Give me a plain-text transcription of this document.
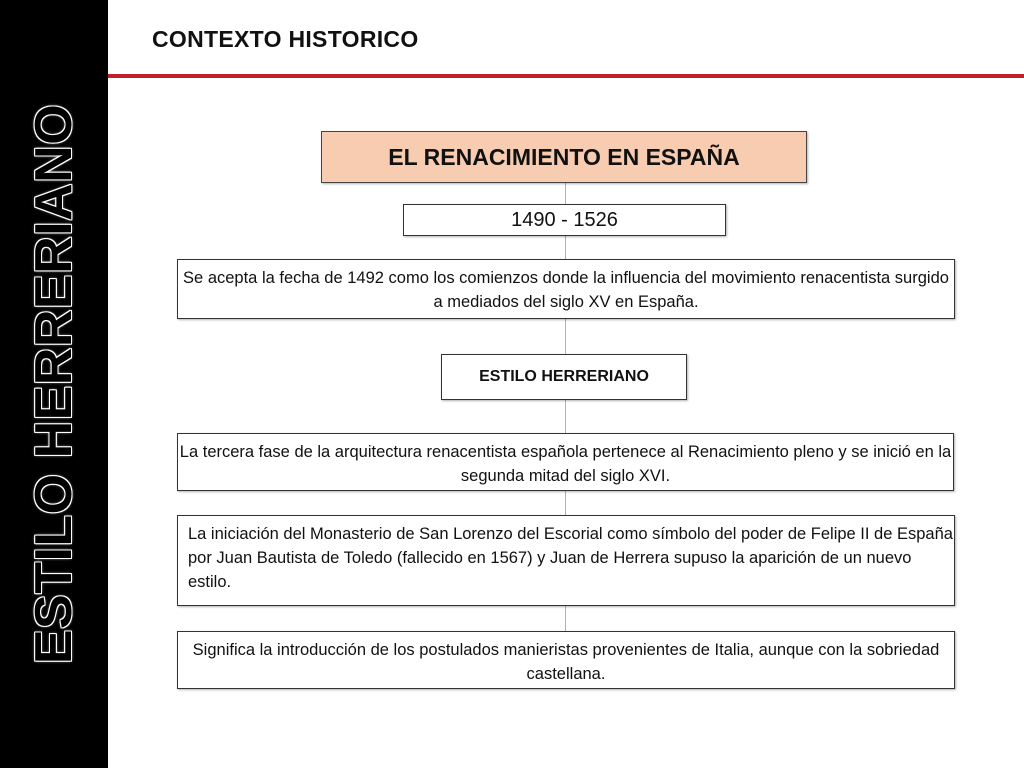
ESTILO HERRERIANO
CONTEXTO HISTORICO
EL RENACIMIENTO EN ESPAÑA
1490 - 1526
Se acepta la fecha de 1492 como los comienzos donde la influencia del movimiento renacentista surgido a mediados del siglo XV en España.
ESTILO HERRERIANO
La tercera fase de la arquitectura renacentista española pertenece al Renacimiento pleno y se inició en la segunda mitad del siglo XVI.
La iniciación del Monasterio de San Lorenzo del Escorial como símbolo del poder de Felipe II de España por Juan Bautista de Toledo (fallecido en 1567) y Juan de Herrera supuso la aparición de un nuevo estilo.
Significa la introducción de los postulados manieristas provenientes de Italia, aunque con la sobriedad castellana.
